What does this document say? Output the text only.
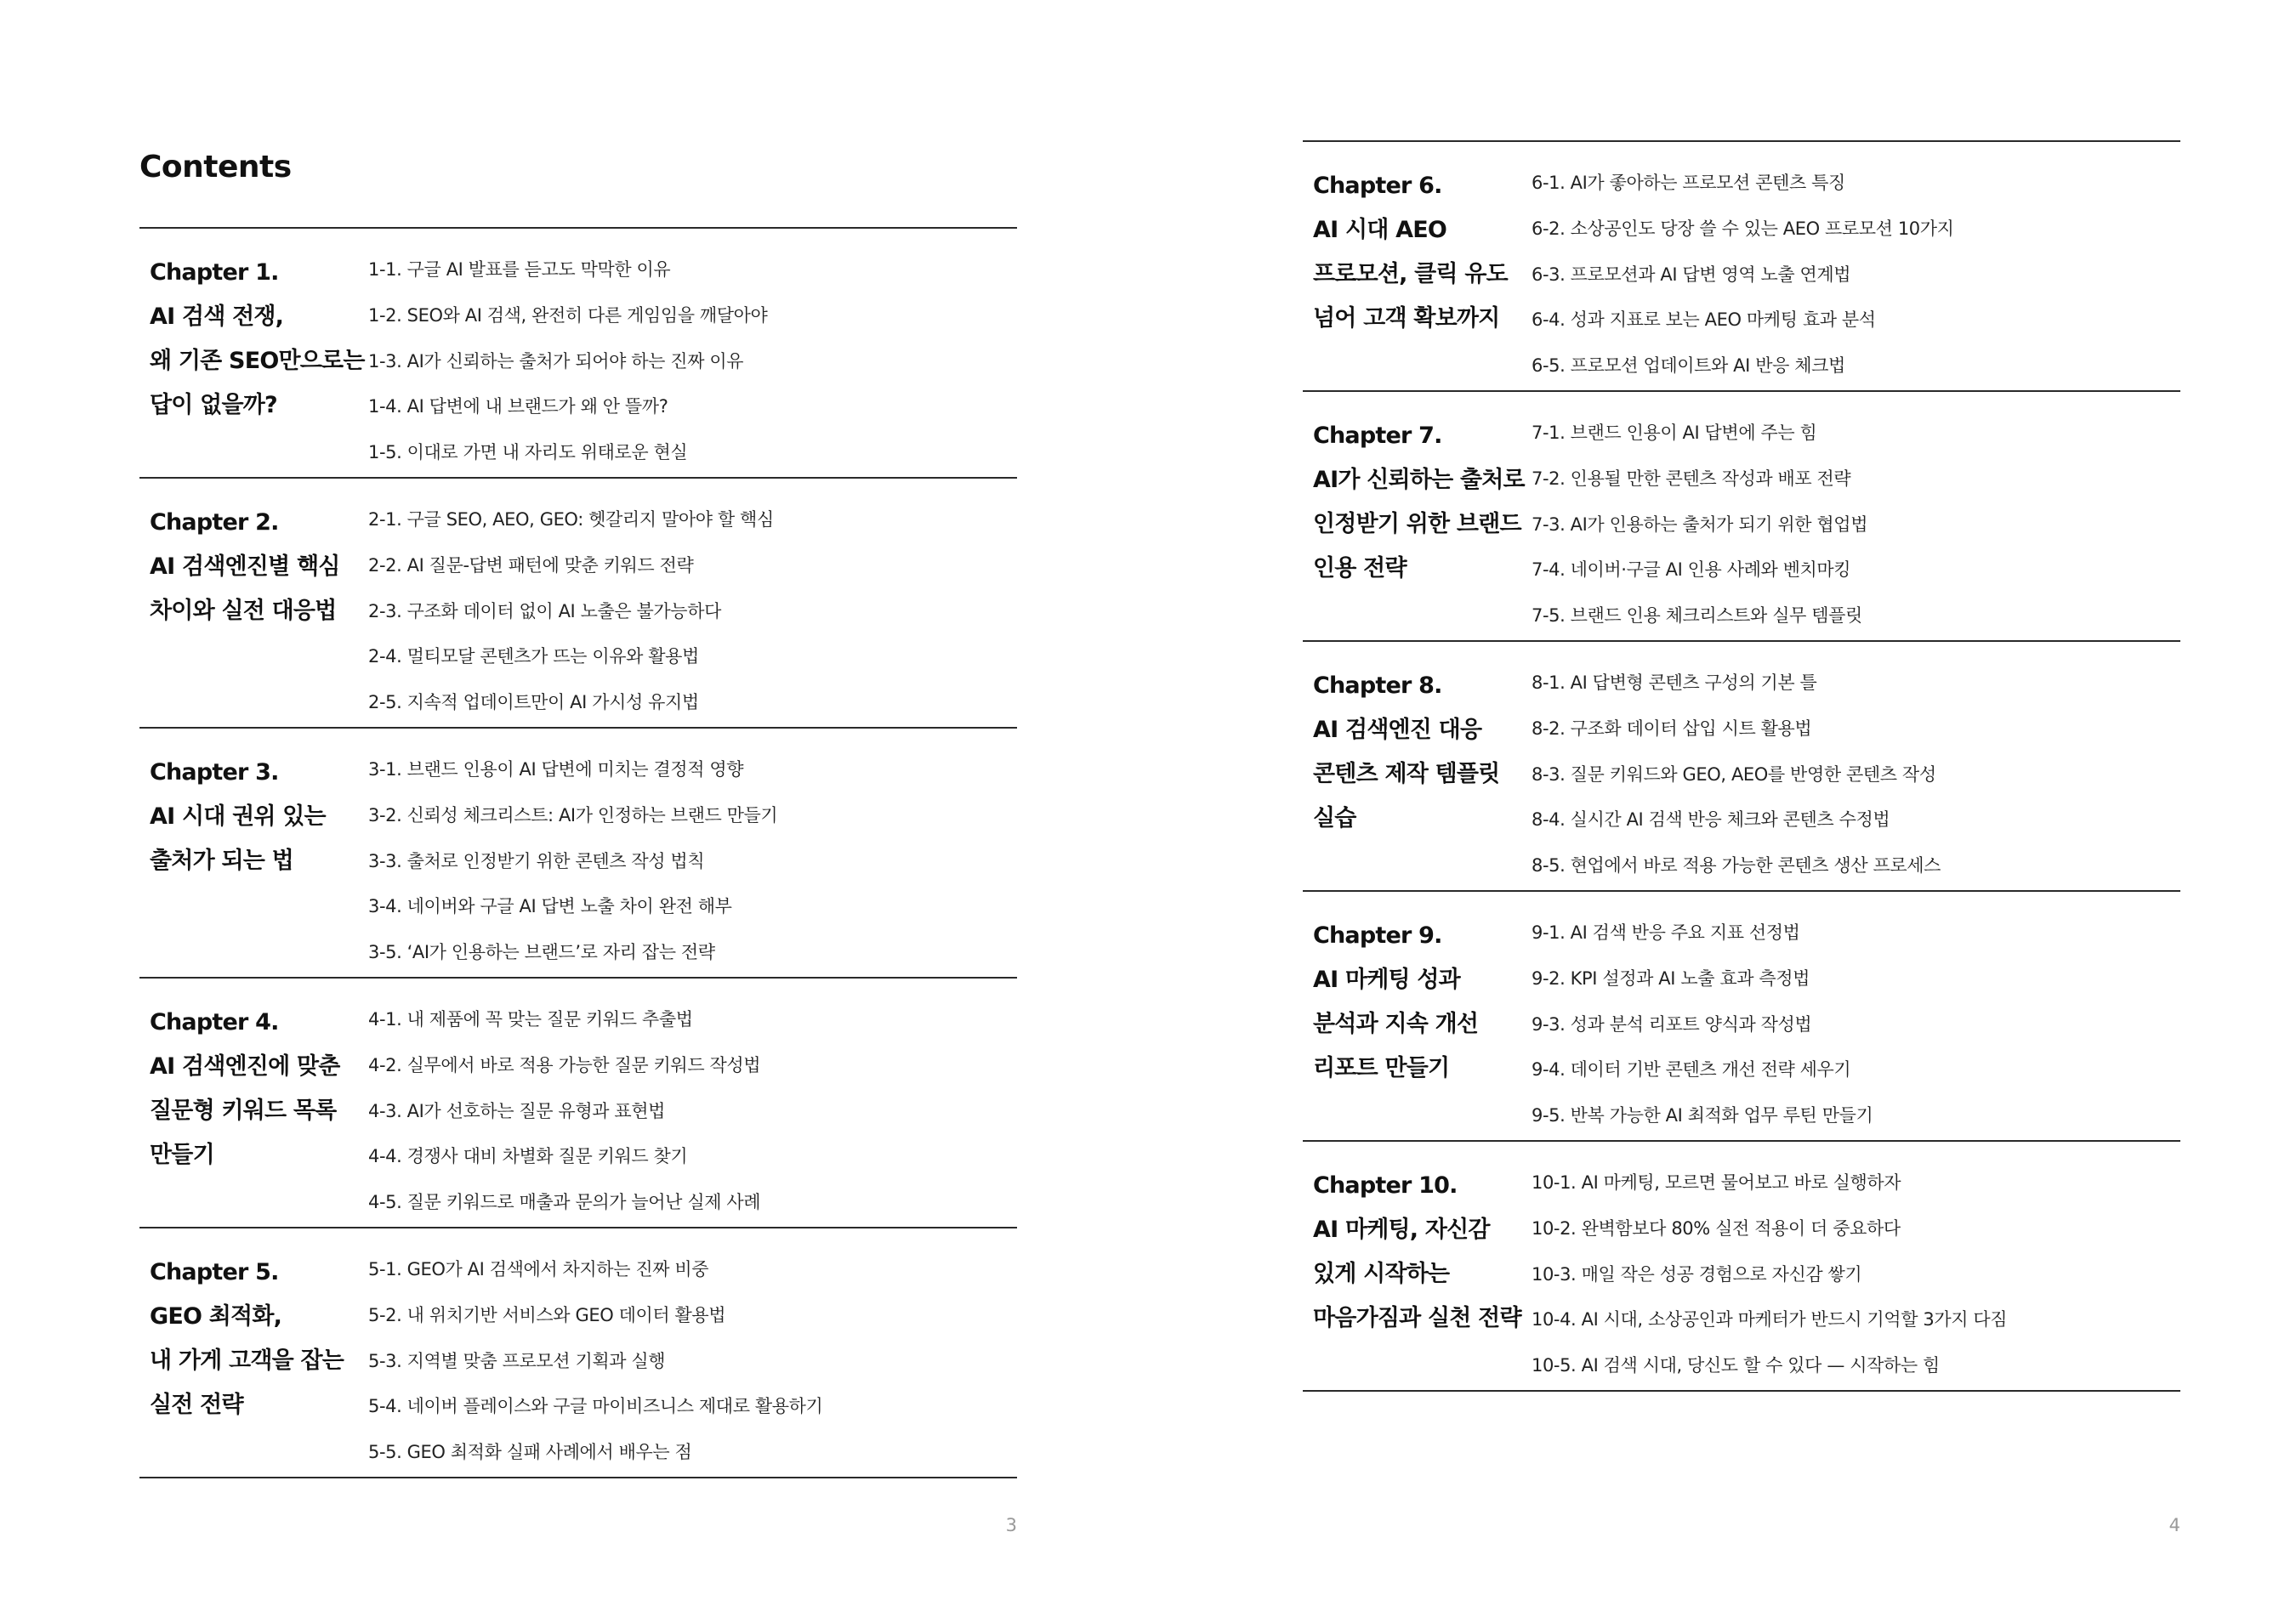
Contents
Chapter 1.
AI 검색 전쟁,
왜 기존 SEO만으로는
답이 없을까?
1-1. 구글 AI 발표를 듣고도 막막한 이유
1-2. SEO와 AI 검색, 완전히 다른 게임임을 깨달아야
1-3. AI가 신뢰하는 출처가 되어야 하는 진짜 이유
1-4. AI 답변에 내 브랜드가 왜 안 뜰까?
1-5. 이대로 가면 내 자리도 위태로운 현실
Chapter 2.
AI 검색엔진별 핵심
차이와 실전 대응법
2-1. 구글 SEO, AEO, GEO: 헷갈리지 말아야 할 핵심
2-2. AI 질문-답변 패턴에 맞춘 키워드 전략
2-3. 구조화 데이터 없이 AI 노출은 불가능하다
2-4. 멀티모달 콘텐츠가 뜨는 이유와 활용법
2-5. 지속적 업데이트만이 AI 가시성 유지법
Chapter 3.
AI 시대 권위 있는
출처가 되는 법
3-1. 브랜드 인용이 AI 답변에 미치는 결정적 영향
3-2. 신뢰성 체크리스트: AI가 인정하는 브랜드 만들기
3-3. 출처로 인정받기 위한 콘텐츠 작성 법칙
3-4. 네이버와 구글 AI 답변 노출 차이 완전 해부
3-5. ‘AI가 인용하는 브랜드’로 자리 잡는 전략
Chapter 4.
AI 검색엔진에 맞춘
질문형 키워드 목록
만들기
4-1. 내 제품에 꼭 맞는 질문 키워드 추출법
4-2. 실무에서 바로 적용 가능한 질문 키워드 작성법
4-3. AI가 선호하는 질문 유형과 표현법
4-4. 경쟁사 대비 차별화 질문 키워드 찾기
4-5. 질문 키워드로 매출과 문의가 늘어난 실제 사례
Chapter 5.
GEO 최적화,
내 가게 고객을 잡는
실전 전략
5-1. GEO가 AI 검색에서 차지하는 진짜 비중
5-2. 내 위치기반 서비스와 GEO 데이터 활용법
5-3. 지역별 맞춤 프로모션 기획과 실행
5-4. 네이버 플레이스와 구글 마이비즈니스 제대로 활용하기
5-5. GEO 최적화 실패 사례에서 배우는 점
3
Chapter 6.
AI 시대 AEO
프로모션, 클릭 유도
넘어 고객 확보까지
6-1. AI가 좋아하는 프로모션 콘텐츠 특징
6-2. 소상공인도 당장 쓸 수 있는 AEO 프로모션 10가지
6-3. 프로모션과 AI 답변 영역 노출 연계법
6-4. 성과 지표로 보는 AEO 마케팅 효과 분석
6-5. 프로모션 업데이트와 AI 반응 체크법
Chapter 7.
AI가 신뢰하는 출처로
인정받기 위한 브랜드
인용 전략
7-1. 브랜드 인용이 AI 답변에 주는 힘
7-2. 인용될 만한 콘텐츠 작성과 배포 전략
7-3. AI가 인용하는 출처가 되기 위한 협업법
7-4. 네이버·구글 AI 인용 사례와 벤치마킹
7-5. 브랜드 인용 체크리스트와 실무 템플릿
Chapter 8.
AI 검색엔진 대응
콘텐츠 제작 템플릿
실습
8-1. AI 답변형 콘텐츠 구성의 기본 틀
8-2. 구조화 데이터 삽입 시트 활용법
8-3. 질문 키워드와 GEO, AEO를 반영한 콘텐츠 작성
8-4. 실시간 AI 검색 반응 체크와 콘텐츠 수정법
8-5. 현업에서 바로 적용 가능한 콘텐츠 생산 프로세스
Chapter 9.
AI 마케팅 성과
분석과 지속 개선
리포트 만들기
9-1. AI 검색 반응 주요 지표 선정법
9-2. KPI 설정과 AI 노출 효과 측정법
9-3. 성과 분석 리포트 양식과 작성법
9-4. 데이터 기반 콘텐츠 개선 전략 세우기
9-5. 반복 가능한 AI 최적화 업무 루틴 만들기
Chapter 10.
AI 마케팅, 자신감
있게 시작하는
마음가짐과 실천 전략
10-1. AI 마케팅, 모르면 물어보고 바로 실행하자
10-2. 완벽함보다 80% 실전 적용이 더 중요하다
10-3. 매일 작은 성공 경험으로 자신감 쌓기
10-4. AI 시대, 소상공인과 마케터가 반드시 기억할 3가지 다짐
10-5. AI 검색 시대, 당신도 할 수 있다 — 시작하는 힘
4
